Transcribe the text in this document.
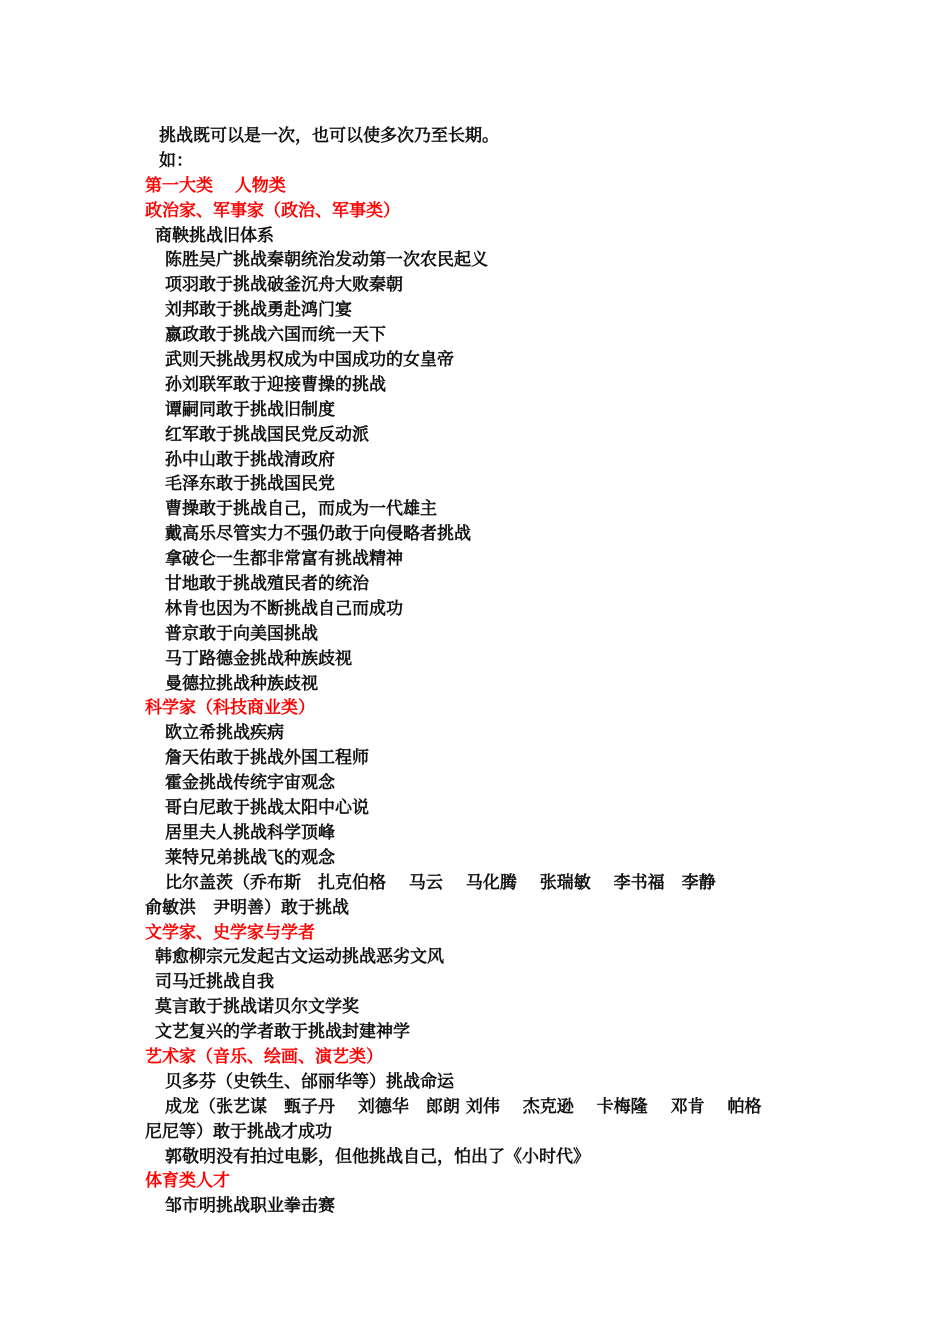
挑战既可以是一次，也可以使多次乃至长期。
如：
第一大类　 人物类
政治家、军事家（政治、军事类）
商鞅挑战旧体系
陈胜吴广挑战秦朝统治发动第一次农民起义
项羽敢于挑战破釜沉舟大败秦朝
刘邦敢于挑战勇赴鸿门宴
嬴政敢于挑战六国而统一天下
武则天挑战男权成为中国成功的女皇帝
孙刘联军敢于迎接曹操的挑战
谭嗣同敢于挑战旧制度
红军敢于挑战国民党反动派
孙中山敢于挑战清政府
毛泽东敢于挑战国民党
曹操敢于挑战自己，而成为一代雄主
戴高乐尽管实力不强仍敢于向侵略者挑战
拿破仑一生都非常富有挑战精神
甘地敢于挑战殖民者的统治
林肯也因为不断挑战自己而成功
普京敢于向美国挑战
马丁路德金挑战种族歧视
曼德拉挑战种族歧视
科学家（科技商业类）
欧立希挑战疾病
詹天佑敢于挑战外国工程师
霍金挑战传统宇宙观念
哥白尼敢于挑战太阳中心说
居里夫人挑战科学顶峰
莱特兄弟挑战飞的观念
比尔盖茨（乔布斯　扎克伯格　 马云　 马化腾　 张瑞敏　 李书福　李静
俞敏洪　尹明善）敢于挑战
文学家、史学家与学者
韩愈柳宗元发起古文运动挑战恶劣文风
司马迁挑战自我
莫言敢于挑战诺贝尔文学奖
文艺复兴的学者敢于挑战封建神学
艺术家（音乐、绘画、演艺类）
贝多芬（史铁生、邰丽华等）挑战命运
成龙（张艺谋　甄子丹　 刘德华　郎朗 刘伟　 杰克逊　 卡梅隆　 邓肯　 帕格
尼尼等）敢于挑战才成功
郭敬明没有拍过电影，但他挑战自己，怕出了《小时代》
体育类人才
邹市明挑战职业拳击赛
